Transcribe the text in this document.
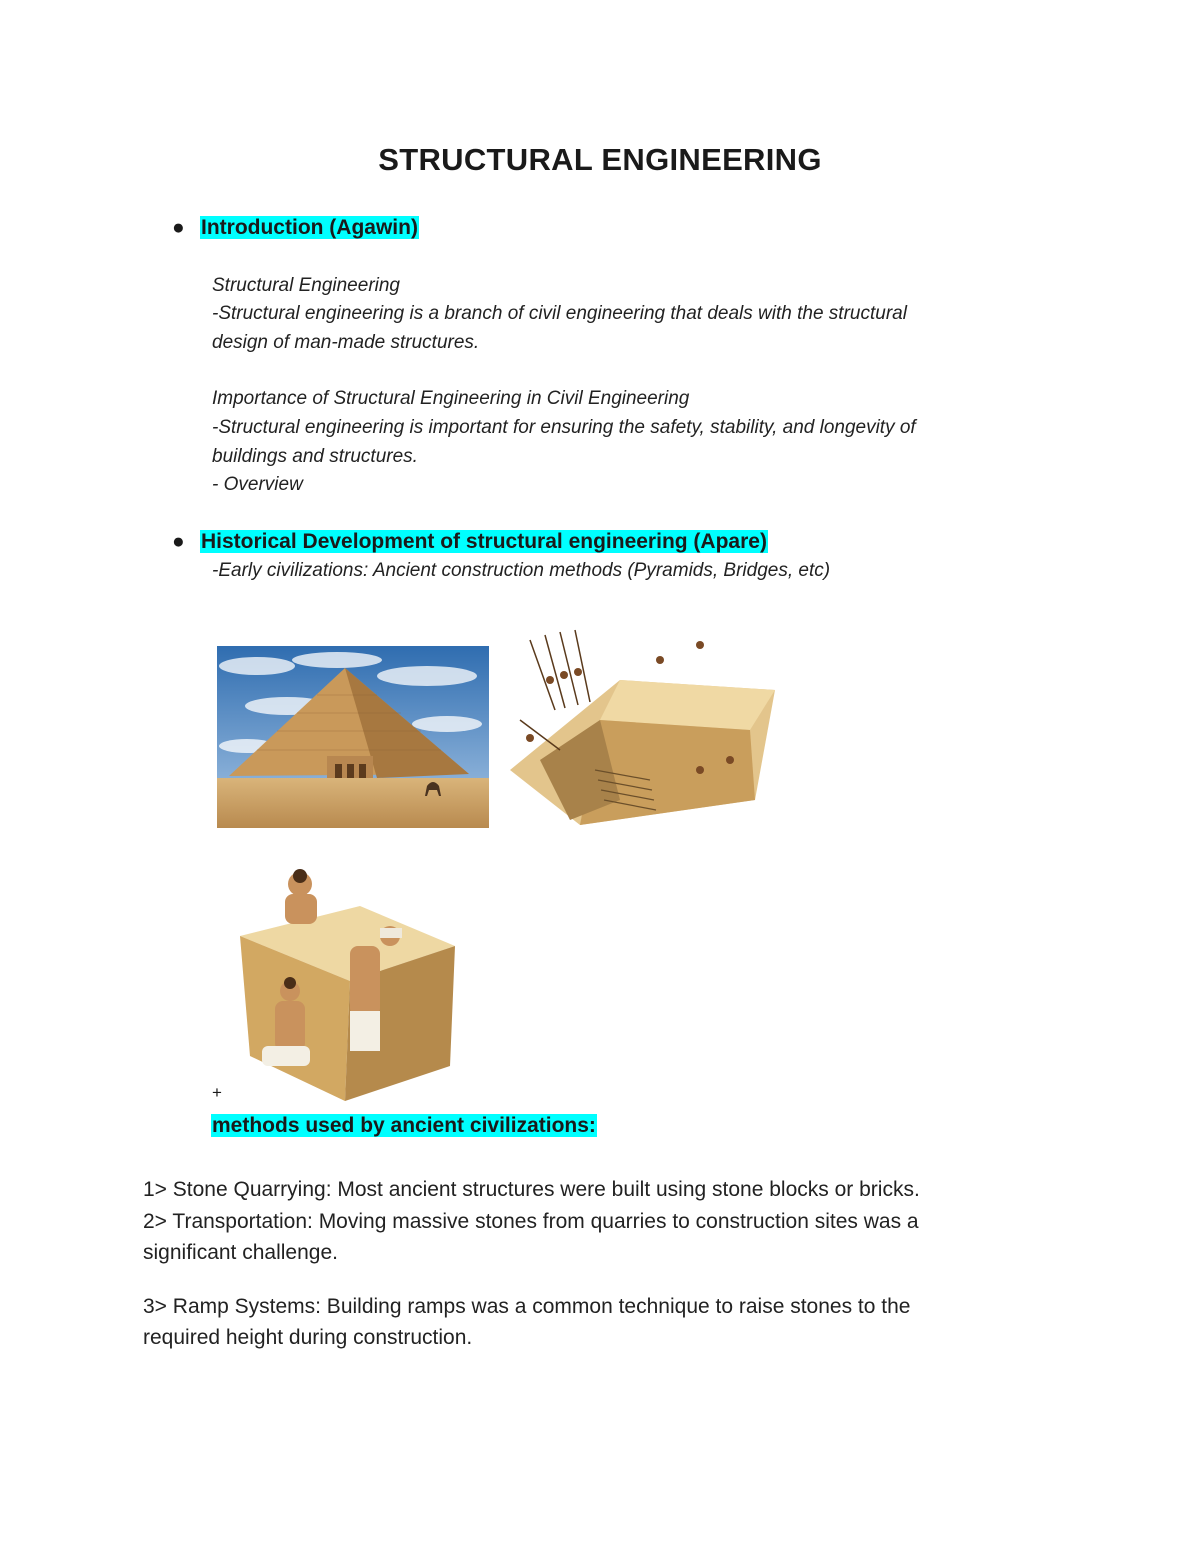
STRUCTURAL ENGINEERING
● Introduction (Agawin)
Structural Engineering
-Structural engineering is a branch of civil engineering that deals with the structural
design of man-made structures.
Importance of Structural Engineering in Civil Engineering
-Structural engineering is important for ensuring the safety, stability, and longevity of
buildings and structures.
- Overview
● Historical Development of structural engineering (Apare)
-Early civilizations: Ancient construction methods (Pyramids, Bridges, etc)
+
methods used by ancient civilizations:
1> Stone Quarrying: Most ancient structures were built using stone blocks or bricks.
2> Transportation: Moving massive stones from quarries to construction sites was a
significant challenge.
3> Ramp Systems: Building ramps was a common technique to raise stones to the
required height during construction.
